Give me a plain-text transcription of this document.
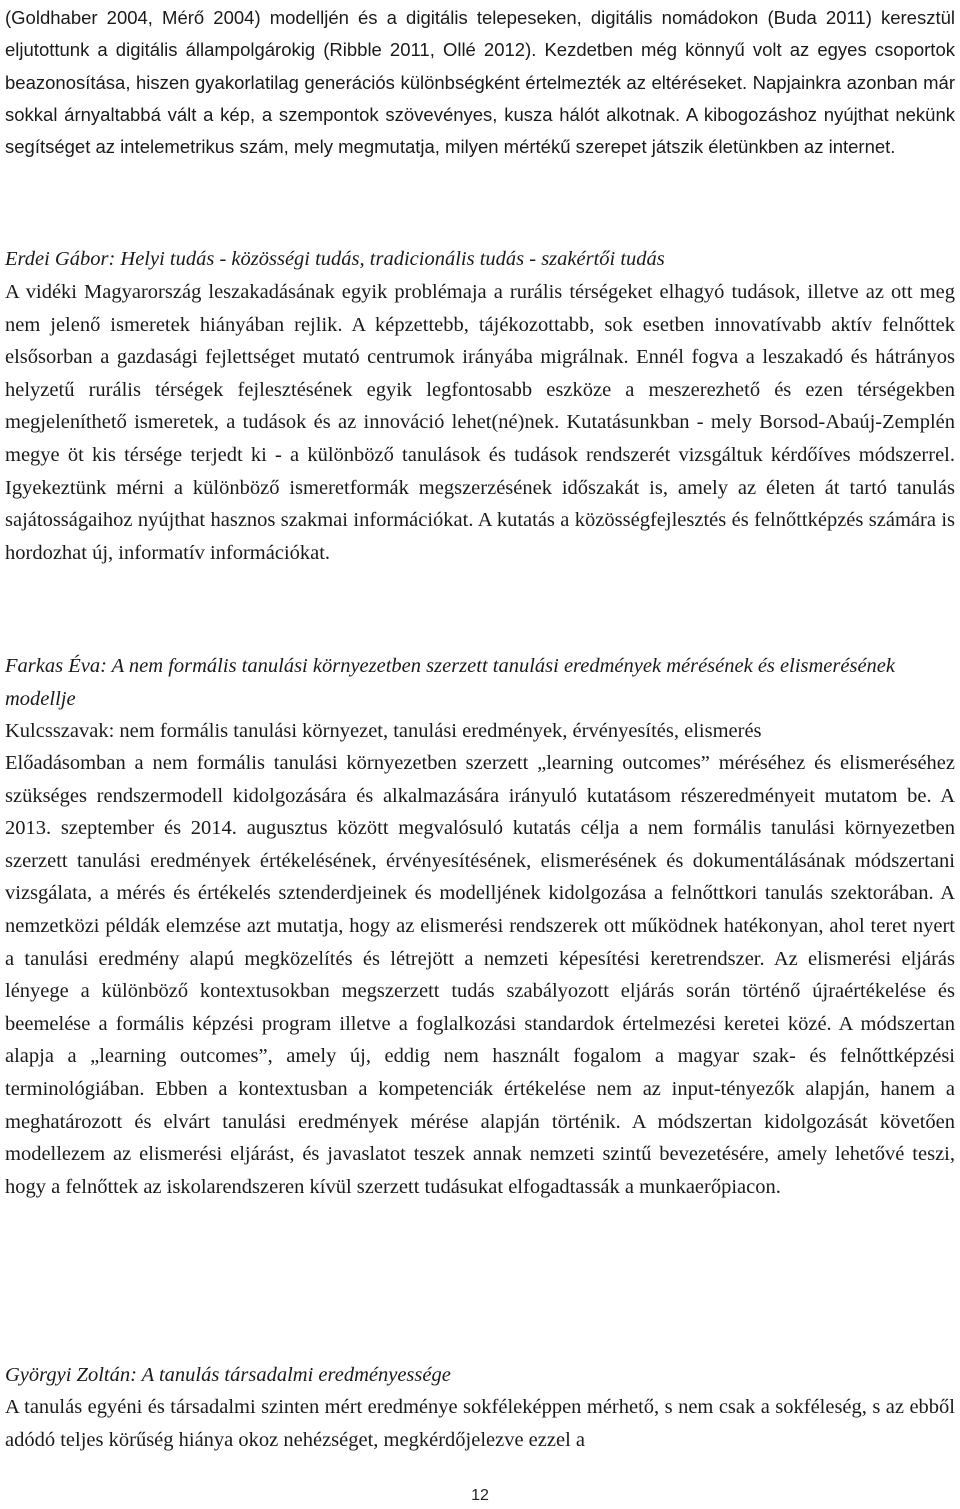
(Goldhaber 2004, Mérő 2004) modelljén és a digitális telepeseken, digitális nomádokon (Buda 2011) keresztül eljutottunk a digitális állampolgárokig (Ribble 2011, Ollé 2012). Kezdetben még könnyű volt az egyes csoportok beazonosítása, hiszen gyakorlatilag generációs különbségként értelmezték az eltéréseket. Napjainkra azonban már sokkal árnyaltabbá vált a kép, a szempontok szövevényes, kusza hálót alkotnak. A kibogozáshoz nyújthat nekünk segítséget az intelemetrikus szám, mely megmutatja, milyen mértékű szerepet játszik életünkben az internet.

Erdei Gábor: Helyi tudás - közösségi tudás, tradicionális tudás - szakértői tudás

A vidéki Magyarország leszakadásának egyik problémaja a rurális térségeket elhagyó tudások, illetve az ott meg nem jelenő ismeretek hiányában rejlik. A képzettebb, tájékozottabb, sok esetben innovatívabb aktív felnőttek elsősorban a gazdasági fejlettséget mutató centrumok irányába migrálnak. Ennél fogva a leszakadó és hátrányos helyzetű rurális térségek fejlesztésének egyik legfontosabb eszköze a meszerezhető és ezen térségekben megjeleníthető ismeretek, a tudások és az innováció lehet(né)nek. Kutatásunkban - mely Borsod-Abaúj-Zemplén megye öt kis térsége terjedt ki - a különböző tanulások és tudások rendszerét vizsgáltuk kérdőíves módszerrel. Igyekeztünk mérni a különböző ismeretformák megszerzésének időszakát is, amely az életen át tartó tanulás sajátosságaihoz nyújthat hasznos szakmai információkat. A kutatás a közösségfejlesztés és felnőttképzés számára is hordozhat új, informatív információkat.

Farkas Éva: A nem formális tanulási környezetben szerzett tanulási eredmények mérésének és elismerésének modellje

Kulcsszavak: nem formális tanulási környezet, tanulási eredmények, érvényesítés, elismerés

Előadásomban a nem formális tanulási környezetben szerzett „learning outcomes” méréséhez és elismeréséhez szükséges rendszermodell kidolgozására és alkalmazására irányuló kutatásom részeredményeit mutatom be. A 2013. szeptember és 2014. augusztus között megvalósuló kutatás célja a nem formális tanulási környezetben szerzett tanulási eredmények értékelésének, érvényesítésének, elismerésének és dokumentálásának módszertani vizsgálata, a mérés és értékelés sztenderdjeinek és modelljének kidolgozása a felnőttkori tanulás szektorában. A nemzetközi példák elemzése azt mutatja, hogy az elismerési rendszerek ott működnek hatékonyan, ahol teret nyert a tanulási eredmény alapú megközelítés és létrejött a nemzeti képesítési keretrendszer. Az elismerési eljárás lényege a különböző kontextusokban megszerzett tudás szabályozott eljárás során történő újraértékelése és beemelése a formális képzési program illetve a foglalkozási standardok értelmezési keretei közé. A módszertan alapja a „learning outcomes”, amely új, eddig nem használt fogalom a magyar szak- és felnőttképzési terminológiában. Ebben a kontextusban a kompetenciák értékelése nem az input-tényezők alapján, hanem a meghatározott és elvárt tanulási eredmények mérése alapján történik. A módszertan kidolgozását követően modellezem az elismerési eljárást, és javaslatot teszek annak nemzeti szintű bevezetésére, amely lehetővé teszi, hogy a felnőttek az iskolarendszeren kívül szerzett tudásukat elfogadtassák a munkaerőpiacon.

Györgyi Zoltán: A tanulás társadalmi eredményessége

A tanulás egyéni és társadalmi szinten mért eredménye sokféleképpen mérhető, s nem csak a sokféleség, s az ebből adódó teljes körűség hiánya okoz nehézséget, megkérdőjelezve ezzel a

12
